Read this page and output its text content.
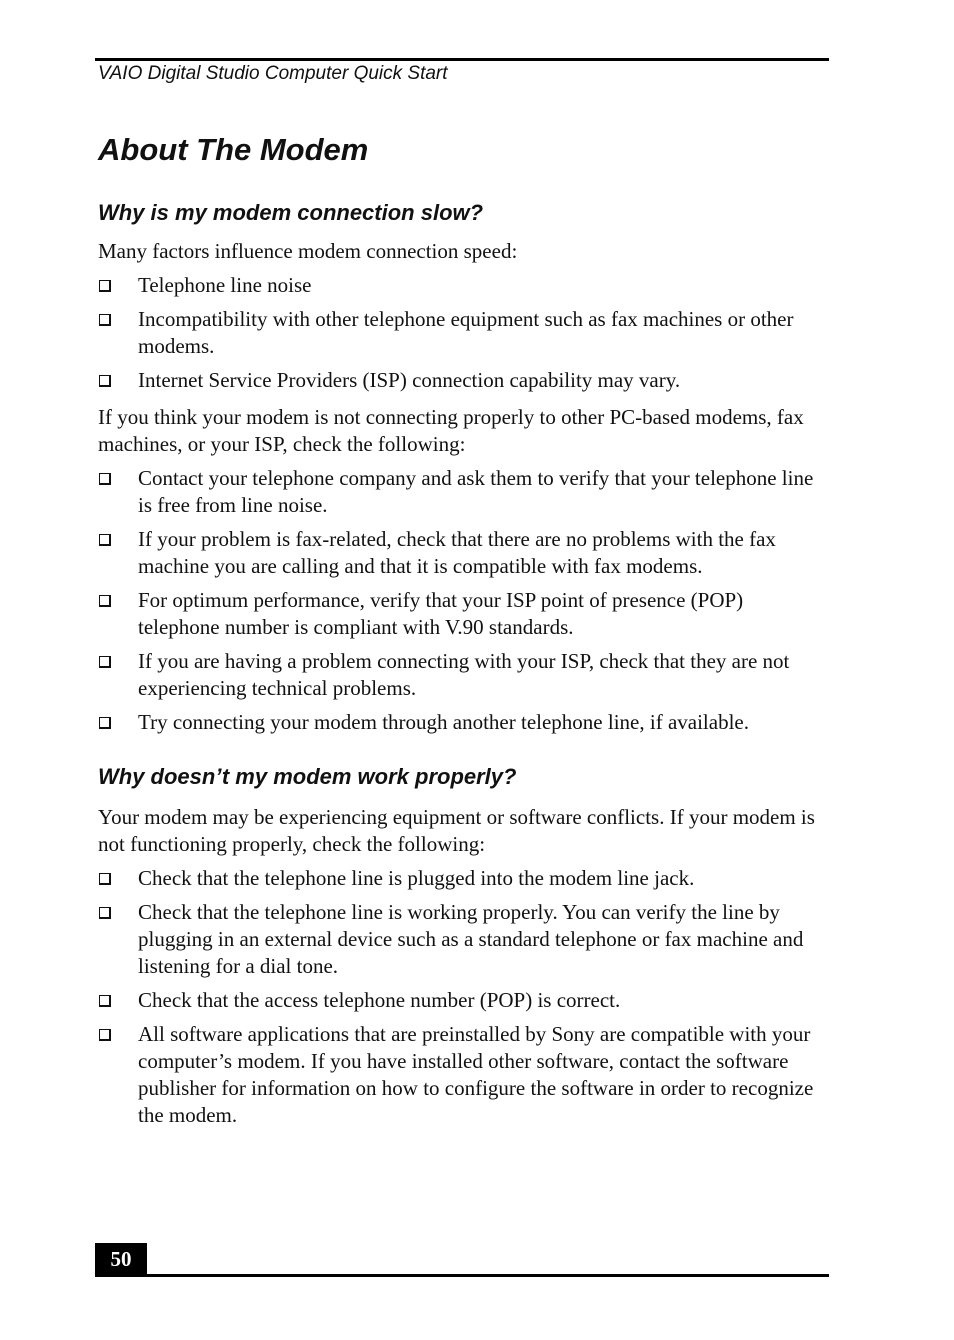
VAIO Digital Studio Computer Quick Start
About The Modem
Why is my modem connection slow?

Many factors influence modem connection speed:

Telephone line noise
Incompatibility with other telephone equipment such as fax machines or other modems.
Internet Service Providers (ISP) connection capability may vary.

If you think your modem is not connecting properly to other PC-based modems, fax machines, or your ISP, check the following:

Contact your telephone company and ask them to verify that your telephone line is free from line noise.
If your problem is fax-related, check that there are no problems with the fax machine you are calling and that it is compatible with fax modems.
For optimum performance, verify that your ISP point of presence (POP) telephone number is compliant with V.90 standards.
If you are having a problem connecting with your ISP, check that they are not experiencing technical problems.
Try connecting your modem through another telephone line, if available.
Why doesn’t my modem work properly?

Your modem may be experiencing equipment or software conflicts. If your modem is not functioning properly, check the following:

Check that the telephone line is plugged into the modem line jack.
Check that the telephone line is working properly. You can verify the line by plugging in an external device such as a standard telephone or fax machine and listening for a dial tone.
Check that the access telephone number (POP) is correct.
All software applications that are preinstalled by Sony are compatible with your computer’s modem. If you have installed other software, contact the software publisher for information on how to configure the software in order to recognize the modem.
50
